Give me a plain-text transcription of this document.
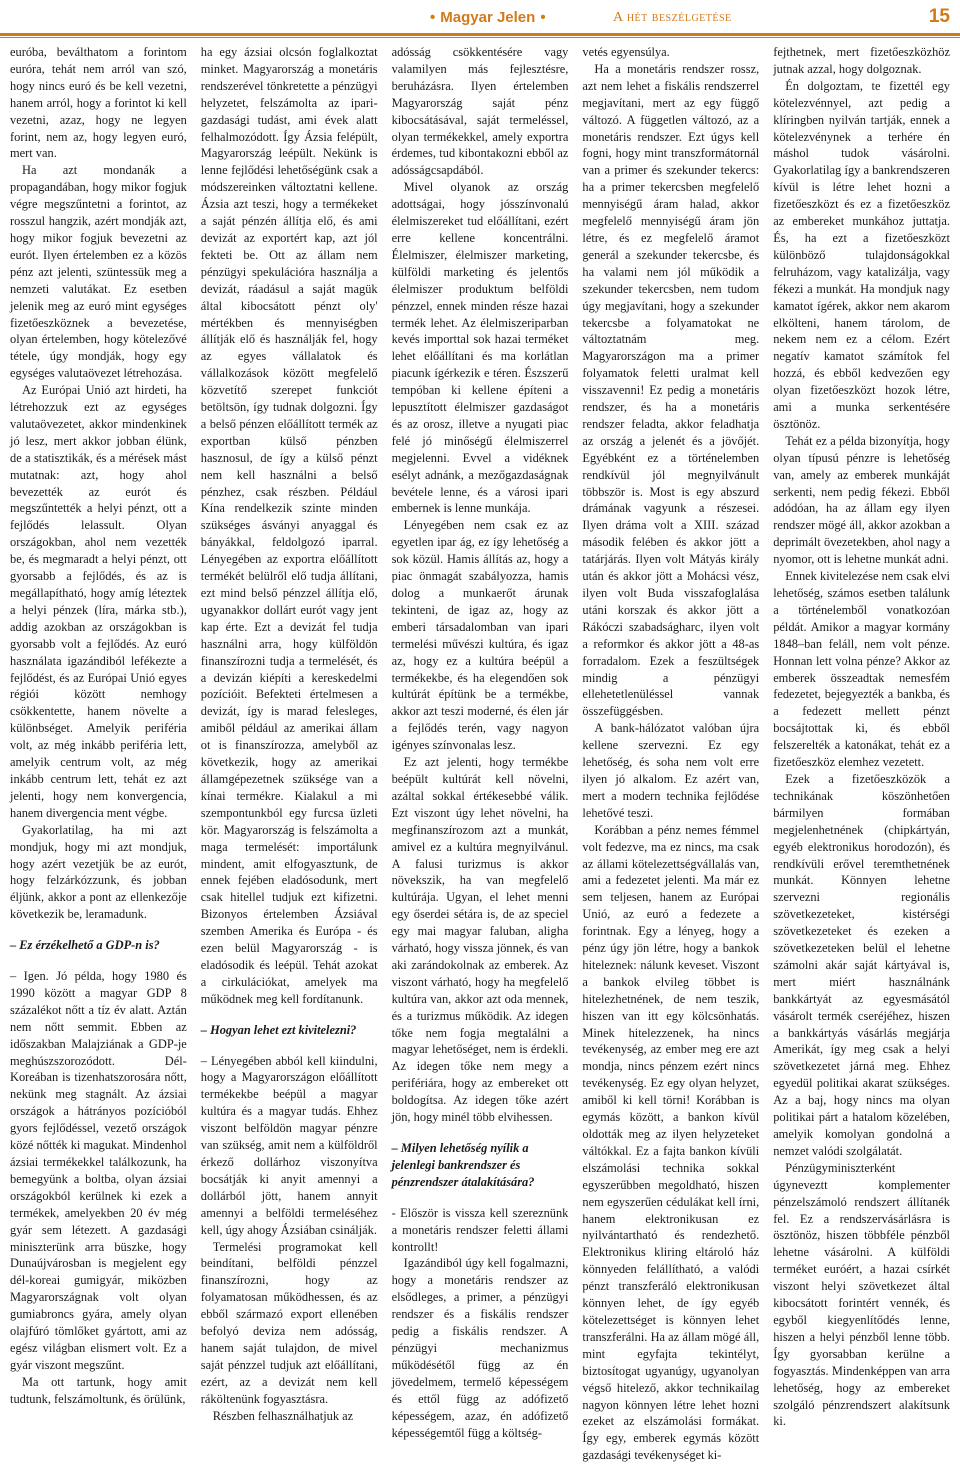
• Magyar Jelen •	A hét beszélgetése	15

euróba, beválthatom a forintom euróra, tehát nem arról van szó, hogy nincs euró és be kell vezetni, hanem arról, hogy a forintot ki kell vezetni, azaz, hogy ne legyen forint, nem az, hogy legyen euró, mert van.

Ha azt mondanák a propagandában, hogy mikor fogjuk végre megszűntetni a forintot, az rosszul hangzik, azért mondják azt, hogy mikor fogjuk bevezetni az eurót. Ilyen értelemben ez a közös pénz azt jelenti, szüntessük meg a nemzeti valutákat. Ez esetben jelenik meg az euró mint egységes fizetőeszköznek a bevezetése, olyan értelemben, hogy kötelezővé tétele, úgy mondják, hogy egy egységes valutaövezet létrehozása.

Az Európai Unió azt hirdeti, ha létrehozzuk ezt az egységes valutaövezetet, akkor mindenkinek jó lesz, mert akkor jobban élünk, de a statisztikák, és a mérések mást mutatnak: azt, hogy ahol bevezették az eurót és megszűntették a helyi pénzt, ott a fejlődés lelassult. Olyan országokban, ahol nem vezették be, és megmaradt a helyi pénzt, ott gyorsabb a fejlődés, és az is megállapítható, hogy amíg léteztek a helyi pénzek (líra, márka stb.), addig azokban az országokban is gyorsabb volt a fejlődés. Az euró használata igazándiból lefékezte a fejlődést, és az Európai Unió egyes régiói között nemhogy csökkentette, hanem növelte a különbséget. Amelyik periféria volt, az még inkább periféria lett, amelyik centrum volt, az még inkább centrum lett, tehát ez azt jelenti, hogy nem konvergencia, hanem divergencia ment végbe.

Gyakorlatilag, ha mi azt mondjuk, hogy mi azt mondjuk, hogy azért vezetjük be az eurót, hogy felzárkózzunk, és jobban éljünk, akkor a pont az ellenkezője következik be, leramadunk.

– Ez érzékelhető a GDP-n is?

– Igen. Jó példa, hogy 1980 és 1990 között a magyar GDP 8 százalékot nőtt a tíz év alatt. Aztán nem nőtt semmit. Ebben az időszakban Malajziának a GDP-je meghúszszorozódott. Dél-Koreában is tizenhatszorosára nőtt, nekünk meg stagnált. Az ázsiai országok a hátrányos pozícióból gyors fejlődéssel, vezető országok közé nőtték ki magukat. Mindenhol ázsiai termékekkel találkozunk, ha bemegyünk a boltba, olyan ázsiai országokból kerülnek ki ezek a termékek, amelyekben 20 év még gyár sem létezett. A gazdasági miniszterünk arra büszke, hogy Dunaújvárosban is megjelent egy dél-koreai gumigyár, miközben Magyarországnak volt olyan gumiabroncs gyára, amely olyan olajfúró tömlőket gyártott, ami az egész világban elismert volt. Ez a gyár viszont megszűnt.

Ma ott tartunk, hogy amit tudtunk, felszámoltunk, és örülünk,

ha egy ázsiai olcsón foglalkoztat minket. Magyarország a monetáris rendszerével tönkretette a pénzügyi helyzetet, felszámolta az ipari-gazdasági tudást, ami évek alatt felhalmozódott. Így Ázsia felépült, Magyarország leépült. Nekünk is lenne fejlődési lehetőségünk csak a módszereinken változtatni kellene. Ázsia azt teszi, hogy a termékeket a saját pénzén állítja elő, és ami devizát az exportért kap, azt jól fekteti be. Ott az állam nem pénzügyi spekulációra használja a devizát, ráadásul a saját magük által kibocsátott pénzt oly' mértékben és mennyiségben állítják elő és használják fel, hogy az egyes vállalatok és vállalkozások között megfelelő közvetítő szerepet funkciót betöltsön, így tudnak dolgozni. Így a belső pénzen előállított termék az exportban külső pénzben hasznosul, de így a külső pénzt nem kell használni a belső pénzhez, csak részben. Például Kína rendelkezik szinte minden szükséges ásványi anyaggal és bányákkal, feldolgozó iparral. Lényegében az exportra előállított termékét belülről elő tudja állítani, ezt mind belső pénzzel állítja elő, ugyanakkor dollárt eurót vagy jent kap érte. Ezt a devizát fel tudja használni arra, hogy külföldön finanszírozni tudja a termelését, és a devizán kiépíti a kereskedelmi pozícióit. Befekteti értelmesen a devizát, így is marad felesleges, amiből például az amerikai állam ot is finanszírozza, amelyből az következik, hogy az amerikai államgépezetnek szüksége van a kínai termékre. Kialakul a mi szempontunkból egy furcsa üzleti kör. Magyarország is felszámolta a maga termelését: importálunk mindent, amit elfogyasztunk, de ennek fejében eladósodunk, mert csak hitellel tudjuk ezt kifizetni. Bizonyos értelemben Ázsiával szemben Amerika és Európa - és ezen belül Magyarország - is eladósodik és leépül. Tehát azokat a cirkulációkat, amelyek ma működnek meg kell fordítanunk.

– Hogyan lehet ezt kivitelezni?

– Lényegében abból kell kiindulni, hogy a Magyarországon előállított termékekbe beépül a magyar kultúra és a magyar tudás. Ehhez viszont belföldön magyar pénzre van szükség, amit nem a külföldről érkező dollárhoz viszonyítva bocsátják ki anyit amennyi a dollárból jött, hanem annyit amennyi a belföldi termeléséhez kell, úgy ahogy Ázsiában csinálják.

Termelési programokat kell beindítani, belföldi pénzzel finanszírozni, hogy az folyamatosan működhessen, és az ebből származó export ellenében befolyó deviza nem adósság, hanem saját tulajdon, de mivel saját pénzzel tudjuk azt előállítani, ezért, az a devizát nem kell ráköltenünk fogyasztásra.

Részben felhasználhatjuk az

adósság csökkentésére vagy valamilyen más fejlesztésre, beruházásra. Ilyen értelemben Magyarország saját pénz kibocsátásával, saját termeléssel, olyan termékekkel, amely exportra érdemes, tud kibontakozni ebből az adósságcsapdából.

Mivel olyanok az ország adottságai, hogy jósszínvonalú élelmiszereket tud előállítani, ezért erre kellene koncentrálni. Élelmiszer, élelmiszer marketing, külföldi marketing és jelentős élelmiszer produktum belföldi pénzzel, ennek minden része hazai termék lehet. Az élelmiszeriparban kevés importtal sok hazai terméket lehet előállítani és ma korlátlan piacunk ígérkezik e téren. Észszerű tempóban ki kellene építeni a lepusztított élelmiszer gazdaságot és az orosz, illetve a nyugati piac felé jó minőségű élelmiszerrel megjelenni. Evvel a vidéknek esélyt adnánk, a mezőgazdaságnak bevétele lenne, és a városi ipari embernek is lenne munkája.

Lényegében nem csak ez az egyetlen ipar ág, ez így lehetőség a sok közül. Hamis állítás az, hogy a piac önmagát szabályozza, hamis dolog a munkaerőt árunak tekinteni, de igaz az, hogy az emberi társadalomban van ipari termelési művészi kultúra, és igaz az, hogy ez a kultúra beépül a termékekbe, és ha elegendően sok kultúrát építünk be a termékbe, akkor azt teszi moderné, és élen jár a fejlődés terén, vagy nagyon igényes színvonalas lesz.

Ez azt jelenti, hogy termékbe beépült kultúrát kell növelni, azáltal sokkal értékesebbé válik. Ezt viszont úgy lehet növelni, ha megfinanszírozom azt a munkát, amivel ez a kultúra megnyilvánul. A falusi turizmus is akkor növekszik, ha van megfelelő kultúrája. Ugyan, el lehet menni egy őserdei sétára is, de az speciel egy mai magyar faluban, aligha várható, hogy vissza jönnek, és van aki zarándokolnak az emberek. Az viszont várható, hogy ha megfelelő kultúra van, akkor azt oda mennek, és a turizmus működik. Az idegen tőke nem fogja megtalálni a magyar lehetőséget, nem is érdekli. Az idegen tőke nem megy a perifériára, hogy az embereket ott boldogítsa. Az idegen tőke azért jön, hogy minél több elvihessen.

– Milyen lehetőség nyílik a jelenlegi bankrendszer és pénzrendszer átalakítására?

- Először is vissza kell szereznünk a monetáris rendszer feletti állami kontrollt!

Igazándiból úgy kell fogalmazni, hogy a monetáris rendszer az elsődleges, a primer, a pénzügyi rendszer és a fiskális rendszer pedig a fiskális rendszer. A pénzügyi mechanizmus működésétől függ az én jövedelmem, termelő képességem és ettől függ az adófizető képességem, azaz, én adófizető képességemtől függ a költség-

vetés egyensúlya.

Ha a monetáris rendszer rossz, azt nem lehet a fiskális rendszerrel megjavítani, mert az egy függő változó. A független változó, az a monetáris rendszer. Ezt úgys kell fogni, hogy mint transzformátornál van a primer és szekunder tekercs: ha a primer tekercsben megfelelő mennyiségű áram halad, akkor megfelelő mennyiségű áram jön létre, és ez megfelelő áramot generál a szekunder tekercsbe, és ha valami nem jól működik a szekunder tekercsben, nem tudom úgy megjavítani, hogy a szekunder tekercsbe a folyamatokat ne változtatnám meg. Magyarországon ma a primer folyamatok feletti uralmat kell visszavenni! Ez pedig a monetáris rendszer, és ha a monetáris rendszer feladta, akkor feladhatja az ország a jelenét és a jövőjét. Egyébként ez a történelemben rendkívül jól megnyilvánult többször is. Most is egy abszurd drámának vagyunk a részesei. Ilyen dráma volt a XIII. század második felében és akkor jött a tatárjárás. Ilyen volt Mátyás király után és akkor jött a Mohácsi vész, ilyen volt Buda visszafoglalása utáni korszak és akkor jött a Rákóczi szabadságharc, ilyen volt a reformkor és akkor jött a 48-as forradalom. Ezek a feszültségek mindig a pénzügyi ellehetetlenüléssel vannak összefüggésben.

A bank-hálózatot valóban újra kellene szervezni. Ez egy lehetőség, és soha nem volt erre ilyen jó alkalom. Ez azért van, mert a modern technika fejlődése lehetővé teszi.

Korábban a pénz nemes fémmel volt fedezve, ma ez nincs, ma csak az állami kötelezettségvállalás van, ami a fedezetet jelenti. Ma már ez sem teljesen, hanem az Európai Unió, az euró a fedezete a forintnak. Egy a lényeg, hogy a pénz úgy jön létre, hogy a bankok hiteleznek: nálunk keveset. Viszont a bankok elvileg többet is hitelezhetnének, de nem teszik, hiszen van itt egy kölcsönhatás. Minek hitelezzenek, ha nincs tevékenység, az ember meg ere azt mondja, nincs pénzem ezért nincs tevékenység. Ez egy olyan helyzet, amiből ki kell törni! Korábban is egymás között, a bankon kívül oldották meg az ilyen helyzeteket váltókkal. Ez a fajta bankon kívüli elszámolási technika sokkal egyszerűbben megoldható, hiszen nem egyszerűen cédulákat kell írni, hanem elektronikusan ez nyilvántartható és rendezhető. Elektronikus kliring eltároló ház könnyeden felállítható, a valódi pénzt transzferáló elektronikusan könnyen lehet, de így egyéb kötelezettséget is könnyen lehet transzferálni. Ha az állam mögé áll, mint egyfajta tekintélyt, biztosítogat ugyanúgy, ugyanolyan végső hitelező, akkor technikailag nagyon könnyen létre lehet hozni ezeket az elszámolási formákat. Így egy, emberek egymás között gazdasági tevékenységet ki-

fejthetnek, mert fizetőeszközhöz jutnak azzal, hogy dolgoznak.

Én dolgoztam, te fizettél egy kötelezvénnyel, azt pedig a klíringben nyilván tartják, ennek a kötelezvénynek a terhére én máshol tudok vásárolni. Gyakorlatilag így a bankrendszeren kívül is létre lehet hozni a fizetőeszközt és ez a fizetőeszköz az embereket munkához juttatja. És, ha ezt a fizetőeszközt különböző tulajdonságokkal felruházom, vagy katalizálja, vagy fékezi a munkát. Ha mondjuk nagy kamatot ígérek, akkor nem akarom elkölteni, hanem tárolom, de nekem nem ez a célom. Ezért negatív kamatot számítok fel hozzá, és ebből kedvezően egy olyan fizetőeszközt hozok létre, ami a munka serkentésére ösztönöz.

Tehát ez a példa bizonyítja, hogy olyan típusú pénzre is lehetőség van, amely az emberek munkáját serkenti, nem pedig fékezi. Ebből adódóan, ha az állam egy ilyen rendszer mögé áll, akkor azokban a deprimált övezetekben, ahol nagy a nyomor, ott is lehetne munkát adni.

Ennek kivitelezése nem csak elvi lehetőség, számos esetben találunk a történelemből vonatkozóan példát. Amikor a magyar kormány 1848–ban feláll, nem volt pénze. Honnan lett volna pénze? Akkor az emberek összeadtak nemesfém fedezetet, bejegyezték a bankba, és a fedezett mellett pénzt bocsájtottak ki, és ebből felszerelték a katonákat, tehát ez a fizetőeszköz elemhez vezetett.

Ezek a fizetőeszközök a technikának köszönhetően bármilyen formában megjelenhetnének (chipkártyán, egyéb elektronikus horodozón), és rendkívüli erővel teremthetnének munkát. Könnyen lehetne szervezni regionális szövetkezeteket, kistérségi szövetkezeteket és ezeken a szövetkezeteken belül el lehetne számolni akár saját kártyával is, mert miért használnánk bankkártyát az egyesmásától vásárolt termék cseréjéhez, hiszen a bankkártyás vásárlás megjárja Amerikát, így meg csak a helyi szövetkezetet járná meg. Ehhez egyedül politikai akarat szükséges. Az a baj, hogy nincs ma olyan politikai párt a hatalom közelében, amelyik komolyan gondolná a nemzet valódi szolgálatát.

Pénzügyminiszterként úgyneveztt komplementer pénzelszámoló rendszert állítanék fel. Ez a rendszervásárlásra is ösztönöz, hiszen többféle pénzből lehetne vásárolni. A külföldi terméket euróért, a hazai csírkét viszont helyi szövetkezet által kibocsátott forintért vennék, és egyből kiegyenlítődés lenne, hiszen a helyi pénzből lenne több. Így gyorsabban kerülne a fogyasztás. Mindenképpen van arra lehetőség, hogy az embereket szolgáló pénzrendszert alakítsunk ki.
